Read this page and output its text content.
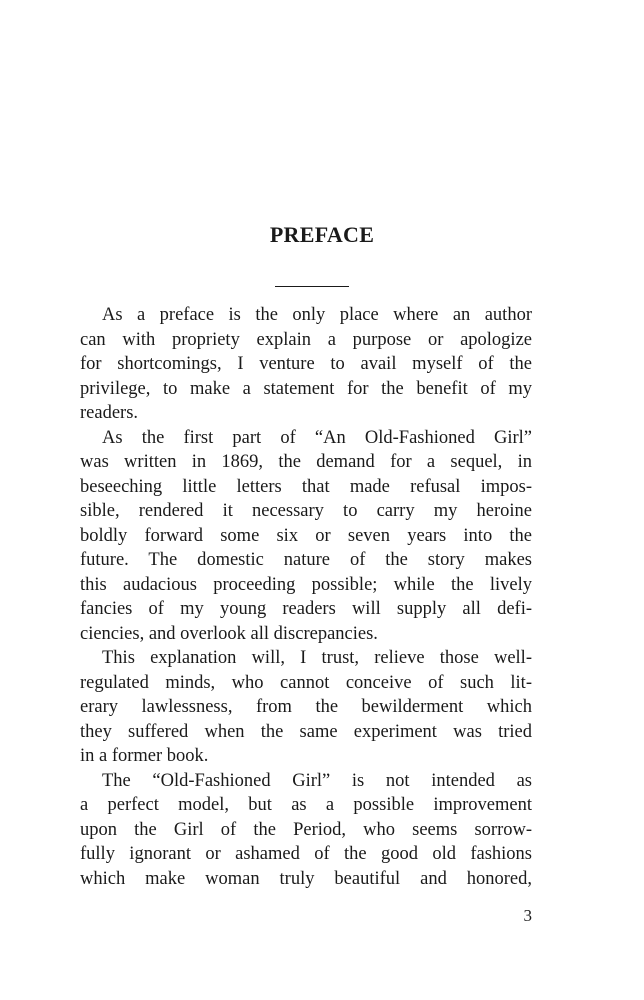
PREFACE
As a preface is the only place where an author
can with propriety explain a purpose or apologize
for shortcomings, I venture to avail myself of the
privilege, to make a statement for the benefit of my
readers.
As the first part of “An Old-Fashioned Girl”
was written in 1869, the demand for a sequel, in
beseeching little letters that made refusal impos-
sible, rendered it necessary to carry my heroine
boldly forward some six or seven years into the
future. The domestic nature of the story makes
this audacious proceeding possible; while the lively
fancies of my young readers will supply all defi-
ciencies, and overlook all discrepancies.
This explanation will, I trust, relieve those well-
regulated minds, who cannot conceive of such lit-
erary lawlessness, from the bewilderment which
they suffered when the same experiment was tried
in a former book.
The “Old-Fashioned Girl” is not intended as
a perfect model, but as a possible improvement
upon the Girl of the Period, who seems sorrow-
fully ignorant or ashamed of the good old fashions
which make woman truly beautiful and honored,
3
